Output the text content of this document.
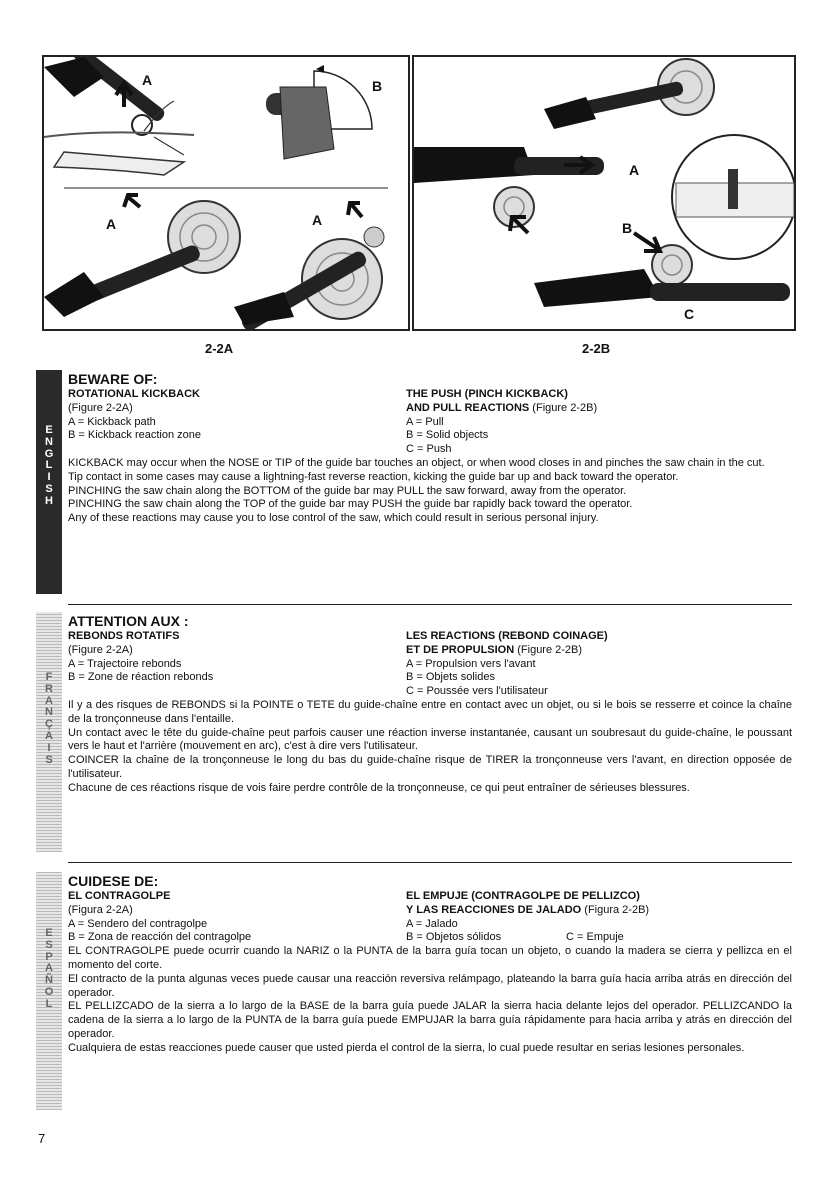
A	B
A	A
2-2A
A
B
C
2-2B
E
N
G
L
I
S
H
BEWARE OF:
ROTATIONAL KICKBACK
(Figure 2-2A)
A = Kickback path
B = Kickback reaction zone
THE PUSH (PINCH KICKBACK)
AND PULL REACTIONS (Figure 2-2B)
A = Pull
B = Solid objects
C = Push

KICKBACK may occur when the NOSE or TIP of the guide bar touches an object, or when wood closes in and pinches the saw chain in the cut.

Tip contact in some cases may cause a lightning-fast reverse reaction, kicking the guide bar up and back toward the operator.

PINCHING the saw chain along the BOTTOM of the guide bar may PULL the saw forward, away from the operator.

PINCHING the saw chain along the TOP of the guide bar may PUSH the guide bar rapidly back toward the operator.

Any of these reactions may cause you to lose control of the saw, which could result in serious personal injury.

F
R
A
N
Ç
A
I
S
ATTENTION AUX :
REBONDS ROTATIFS
(Figure 2-2A)
A = Trajectoire rebonds
B = Zone de réaction rebonds
LES REACTIONS (REBOND COINAGE)
ET DE PROPULSION (Figure 2-2B)
A = Propulsion vers l'avant
B = Objets solides
C = Poussée vers l'utilisateur

Il y a des risques de REBONDS si la POINTE o TETE du guide-chaîne entre en contact avec un objet, ou si le bois se resserre et coince la chaîne de la tronçonneuse dans l'entaille.

Un contact avec le tête du guide-chaîne peut parfois causer une réaction inverse instantanée, causant un soubresaut du guide-chaîne, le poussant vers le haut et l'arrière (mouvement en arc), c'est à dire vers l'utilisateur.

COINCER la chaîne de la tronçonneuse le long du bas du guide-chaîne risque de TIRER la tronçonneuse vers l'avant, en direction opposée de l'utilisateur.

Chacune de ces réactions risque de vois faire perdre contrôle de la tronçonneuse, ce qui peut entraîner de sérieuses blessures.

E
S
P
A
Ñ
O
L
CUIDESE DE:
EL CONTRAGOLPE
(Figura 2-2A)
A = Sendero del contragolpe
B = Zona de reacción del contragolpe
EL EMPUJE (CONTRAGOLPE DE PELLIZCO)
Y LAS REACCIONES DE JALADO (Figura 2-2B)
A = Jalado
B = Objetos sólidos	C = Empuje

EL CONTRAGOLPE puede ocurrir cuando la NARIZ o la PUNTA de la barra guía tocan un objeto, o cuando la madera se cierra y pellizca en el momento del corte.

El contracto de la punta algunas veces puede causar una reacción reversiva relámpago, plateando la barra guía hacia arriba atrás en dirección del operador.

EL PELLIZCADO de la sierra a lo largo de la BASE de la barra guía puede JALAR la sierra hacia delante lejos del operador. PELLIZCANDO la cadena de la sierra a lo largo de la PUNTA de la barra guía puede EMPUJAR la barra guía rápidamente para hacia arriba y atrás en dirección del operador.

Cualquiera de estas reacciones puede causer que usted pierda el control de la sierra, lo cual puede resultar en serias lesiones personales.

7
